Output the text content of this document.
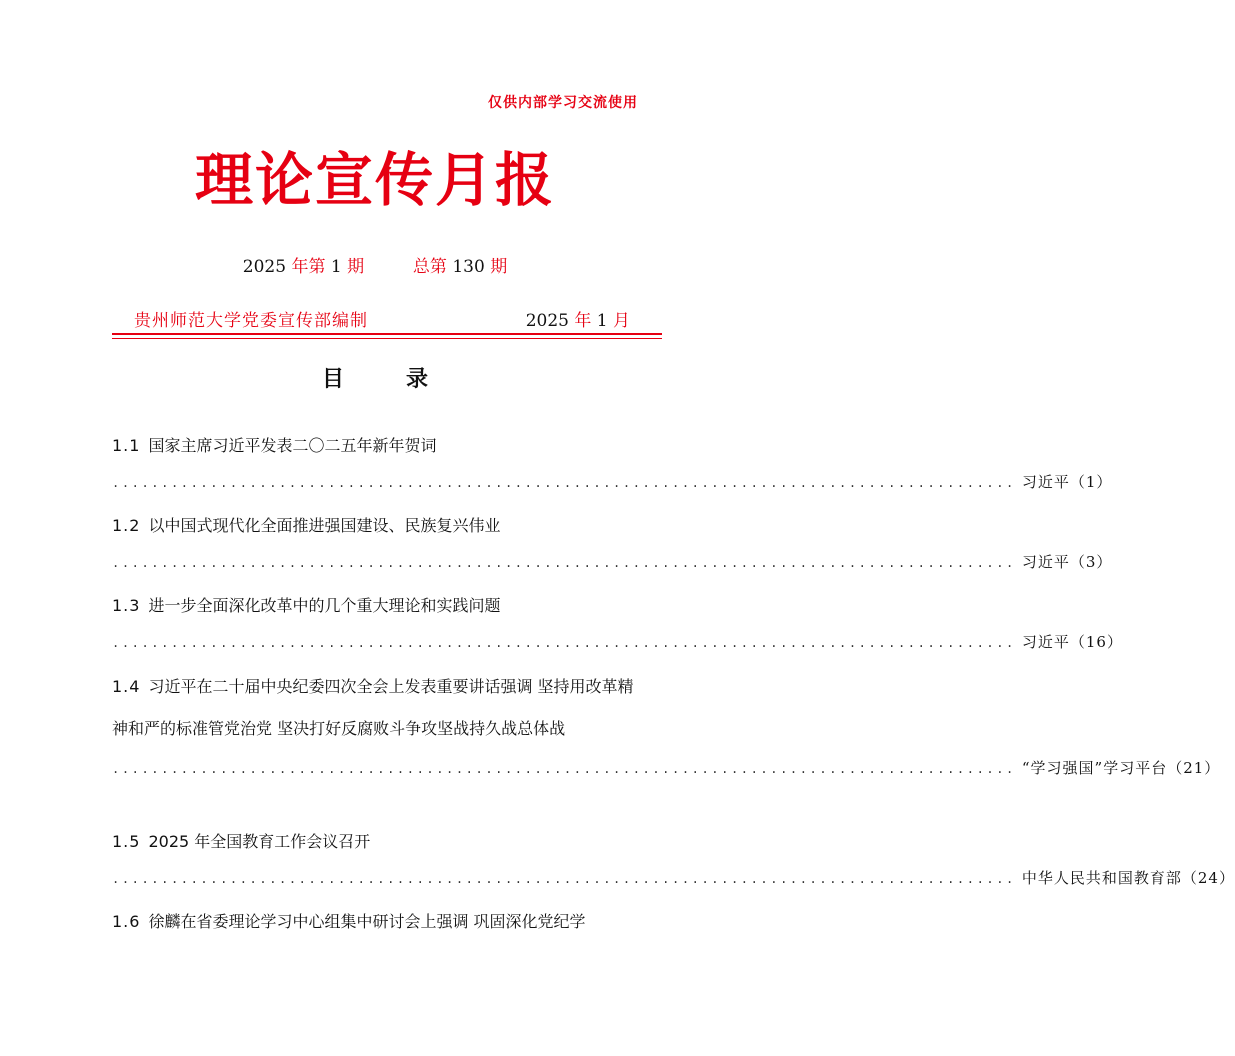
仅供内部学习交流使用
理论宣传月报
2025 年第 1 期	总第 130 期
贵州师范大学党委宣传部编制	2025 年 1 月
目	录

1.1 国家主席习近平发表二〇二五年新年贺词

............................................................................................ 习近平（1）

1.2 以中国式现代化全面推进强国建设、民族复兴伟业

............................................................................................ 习近平（3）

1.3 进一步全面深化改革中的几个重大理论和实践问题

............................................................................................ 习近平（16）

1.4 习近平在二十届中央纪委四次全会上发表重要讲话强调 坚持用改革精神和严的标准管党治党 坚决打好反腐败斗争攻坚战持久战总体战

............................................................................................ “学习强国”学习平台（21）

1.5 2025 年全国教育工作会议召开

............................................................................................ 中华人民共和国教育部（24）

1.6 徐麟在省委理论学习中心组集中研讨会上强调 巩固深化党纪学
